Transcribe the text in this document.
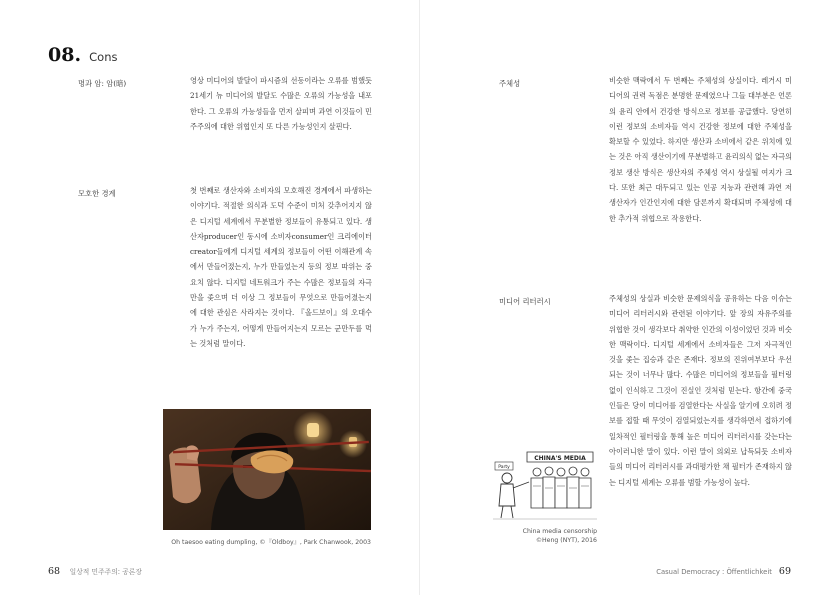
08. Cons
명과 암: 암(暗)	영상 미디어의 발달이 파시즘의 선동이라는 오류를 범했듯 21세기 뉴 미디어의 발달도 수많은 오류의 가능성을 내포한다. 그 오류의 가능성들을 먼저 살피며 과연 이것들이 민주주의에 대한 위협인지 또 다른 가능성인지 살핀다.

모호한 경계	첫 번째로 생산자와 소비자의 모호해진 경계에서 파생하는 이야기다. 적절한 의식과 도덕 수준이 미처 갖추어지지 않은 디지털 세계에서 무분별한 정보들이 유통되고 있다. 생산자producer인 동시에 소비자consumer인 크리에이터creator들에게 디지털 세계의 정보들이 어떤 이해관계 속에서 만들어졌는지, 누가 만들었는지 등의 정보 따위는 중요치 않다. 디지털 네트워크가 주는 수많은 정보들의 자극만을 좇으며 더 이상 그 정보들이 무엇으로 만들어졌는지에 대한 관심은 사라지는 것이다. 『올드보이』의 오대수가 누가 주는지, 어떻게 만들어지는지 모르는 군만두를 먹는 것처럼 말이다.

Oh taesoo eating dumpling, ©『Oldboy』, Park Chanwook, 2003
68 일상적 민주주의: 공론장
주체성	비슷한 맥락에서 두 번째는 주체성의 상실이다. 레거시 미디어의 권력 독점은 분명한 문제였으나 그들 대부분은 언론의 윤리 안에서 건강한 방식으로 정보를 공급했다. 당연히 이런 정보의 소비자들 역시 건강한 정보에 대한 주체성을 확보할 수 있었다. 하지만 생산과 소비에서 같은 위치에 있는 것은 아직 생산이기에 무분별하고 윤리의식 없는 자극의 정보 생산 방식은 생산자의 주체성 역시 상실될 여지가 크다. 또한 최근 대두되고 있는 인공 지능과 관련해 과연 저 생산자가 인간인지에 대한 담론까지 확대되며 주체성에 대한 추가적 위협으로 작용한다.

미디어 리터러시	주체성의 상실과 비슷한 문제의식을 공유하는 다음 이슈는 미디어 리터러시와 관련된 이야기다. 앞 장의 자유주의를 위협한 것이 생각보다 취약한 인간의 이성이었던 것과 비슷한 맥락이다. 디지털 세계에서 소비자들은 그저 자극적인 것을 좇는 집승과 같은 존재다. 정보의 진위여부보다 우선되는 것이 너무나 많다. 수많은 미디어의 정보들을 필터링 없이 인식하고 그것이 진실인 것처럼 믿는다. 항간에 중국인들은 당이 미디어를 검열한다는 사실을 알기에 오히려 정보를 접할 때 무엇이 검열되었는지를 생각하면서 접하기에 일차적인 필터링을 통해 높은 미디어 리터러시를 갖는다는 아이러니한 말이 있다. 이런 말이 의외로 납득되듯 소비자들의 미디어 리터러시를 과대평가한 채 필터가 존재하지 않는 디지털 세계는 오류를 범할 가능성이 높다.

CHINA'S MEDIA
Party
China media censorship
©Heng (NYT), 2016
Casual Democracy : Öffentlichkeit 69
